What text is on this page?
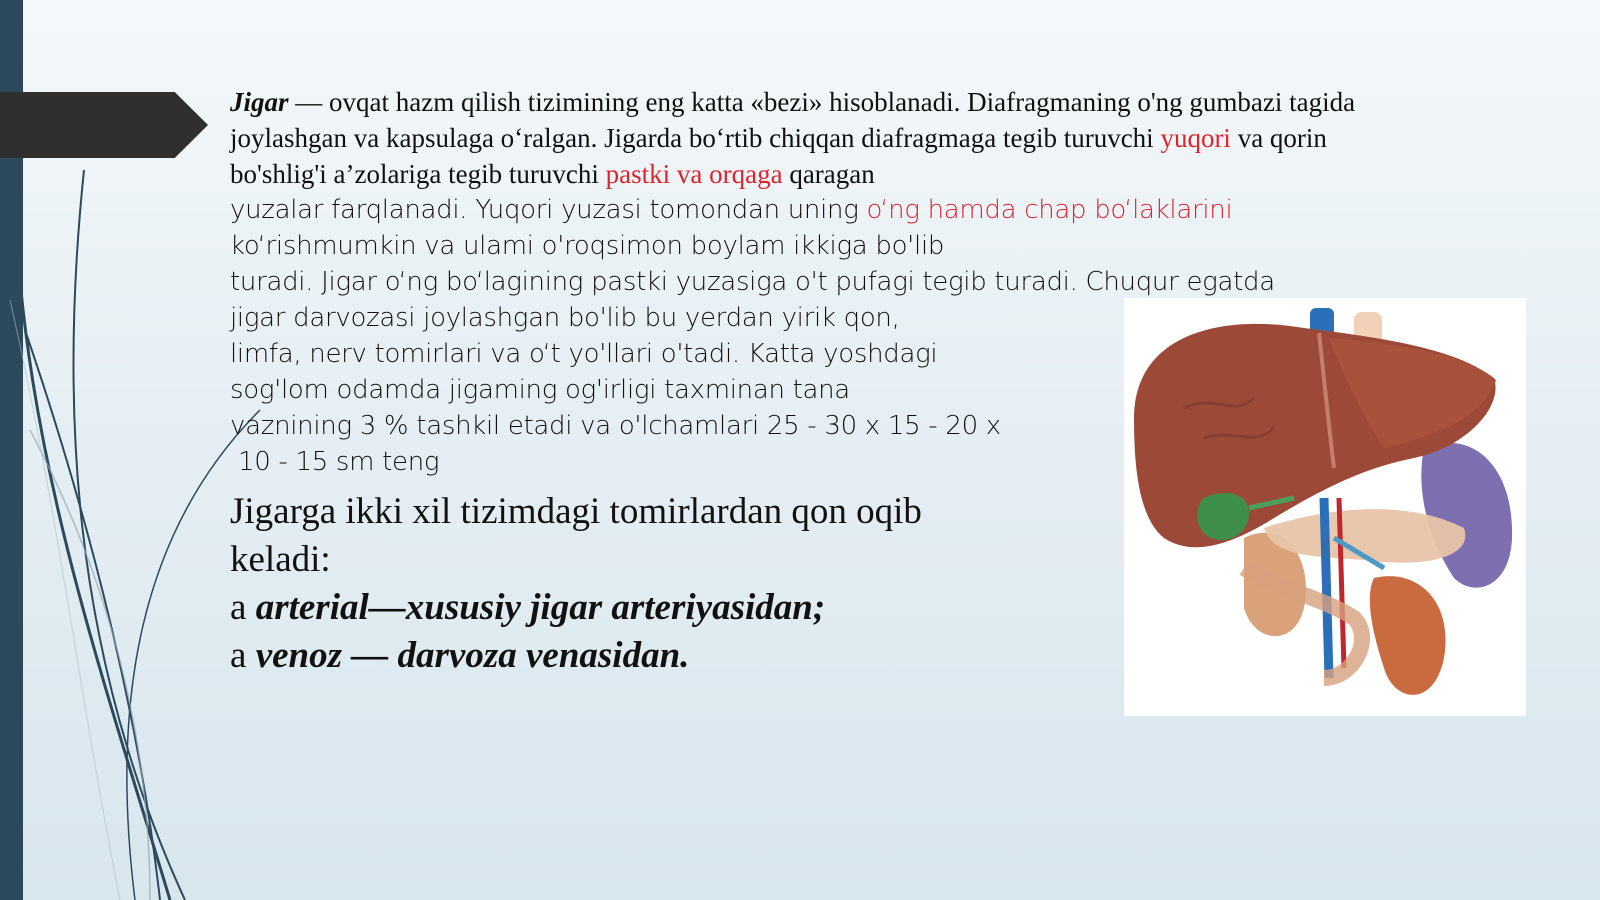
Jigar — ovqat hazm qilish tizimining eng katta «bezi» hisoblanadi. Diafragmaning o'ng gumbazi tagida
joylashgan va kapsulaga o‘ralgan. Jigarda bo‘rtib chiqqan diafragmaga tegib turuvchi yuqori va qorin
bo'shlig'i a’zolariga tegib turuvchi pastki va orqaga qaragan
yuzalar farqlanadi. Yuqori yuzasi tomondan uning o‘ng hamda chap bo‘laklarini
ko‘rishmumkin va ulami o'roqsimon boylam ikkiga bo'lib
turadi. Jigar o‘ng bo‘lagining pastki yuzasiga o't pufagi tegib turadi. Chuqur egatda
jigar darvozasi joylashgan bo'lib bu yerdan yirik qon,
limfa, nerv tomirlari va o‘t yo'llari o'tadi. Katta yoshdagi
sog'lom odamda jigaming og'irligi taxminan tana
vaznining 3 % tashkil etadi va o'lchamlari 25 - 30 x 15 - 20 x
10 - 15 sm teng
Jigarga ikki xil tizimdagi tomirlardan qon oqib
keladi:
a arterial—xususiy jigar arteriyasidan;
a venoz — darvoza venasidan.
